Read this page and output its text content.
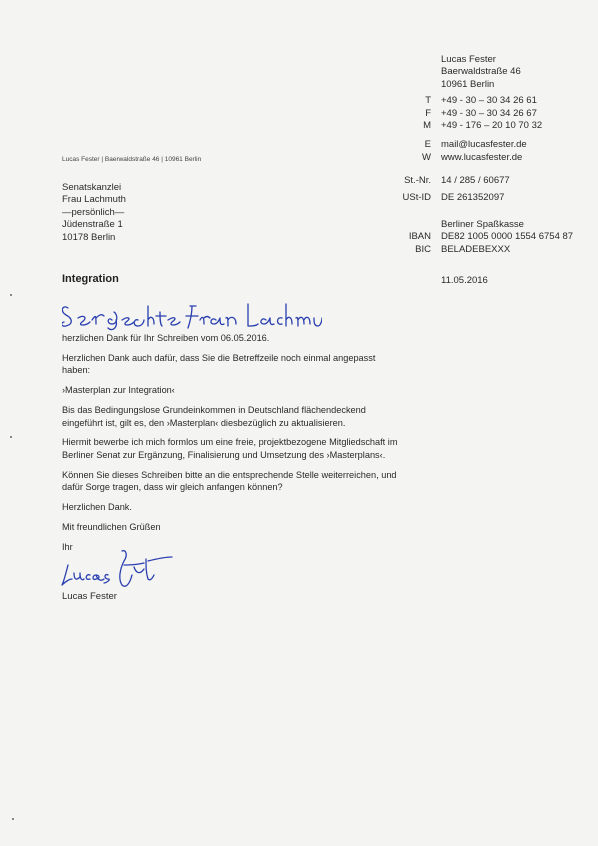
Lucas Fester
Baerwaldstraße 46
10961 Berlin
T	+49 - 30 – 30 34 26 61
F	+49 - 30 – 30 34 26 67
M	+49 - 176 – 20 10 70 32
E	mail@lucasfester.de
W	www.lucasfester.de
St.-Nr.	14 / 285 / 60677
USt-ID	DE 261352097
Berliner Spaßkasse
IBAN	DE82 1005 0000 1554 6754 87
BIC	BELADEBEXXX
Lucas Fester | Baerwaldstraße 46 | 10961 Berlin
Senatskanzlei
Frau Lachmuth
—persönlich—
Jüdenstraße 1
10178 Berlin
11.05.2016
Integration

herzlichen Dank für Ihr Schreiben vom 06.05.2016.

Herzlichen Dank auch dafür, dass Sie die Betreffzeile noch einmal angepasst haben:

›Masterplan zur Integration‹

Bis das Bedingungslose Grundeinkommen in Deutschland flächendeckend eingeführt ist, gilt es, den ›Masterplan‹ diesbezüglich zu aktualisieren.

Hiermit bewerbe ich mich formlos um eine freie, projektbezogene Mitgliedschaft im Berliner Senat zur Ergänzung, Finalisierung und Umsetzung des ›Masterplans‹.

Können Sie dieses Schreiben bitte an die entsprechende Stelle weiterreichen, und dafür Sorge tragen, dass wir gleich anfangen können?

Herzlichen Dank.

Mit freundlichen Grüßen

Ihr

Lucas Fester
